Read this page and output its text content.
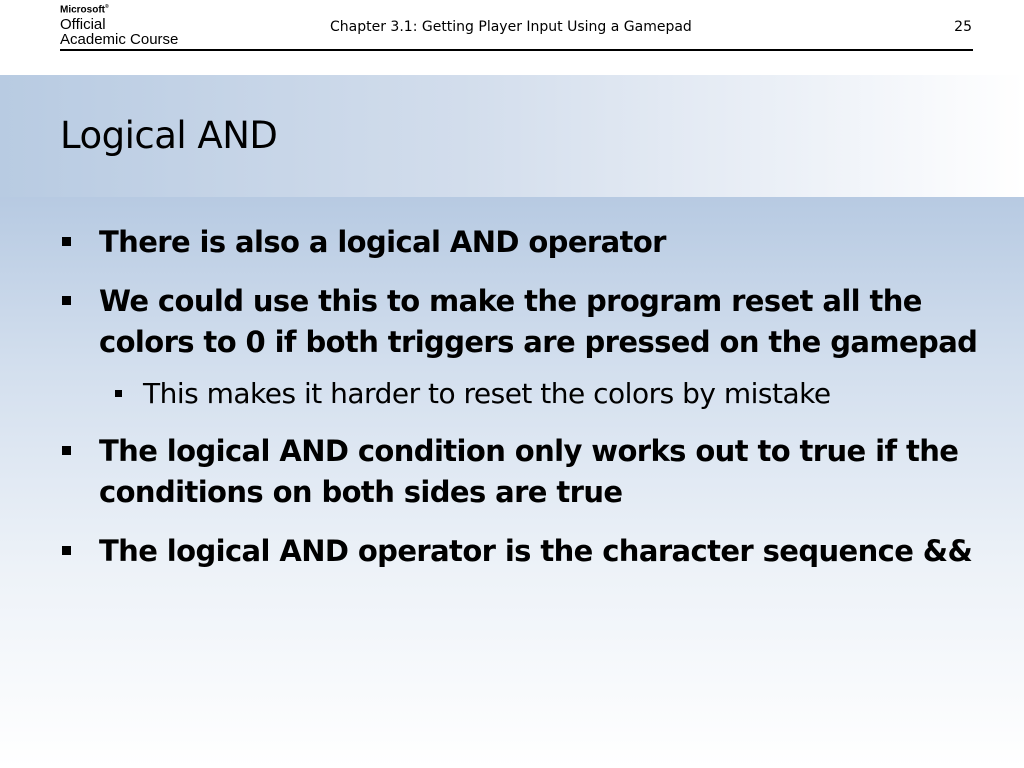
Microsoft®
Official
Academic Course
Chapter 3.1: Getting Player Input Using a Gamepad	25
Logical AND
There is also a logical AND operator
We could use this to make the program reset all the colors to 0 if both triggers are pressed on the gamepad
This makes it harder to reset the colors by mistake
The logical AND condition only works out to true if the conditions on both sides are true
The logical AND operator is the character sequence &&
